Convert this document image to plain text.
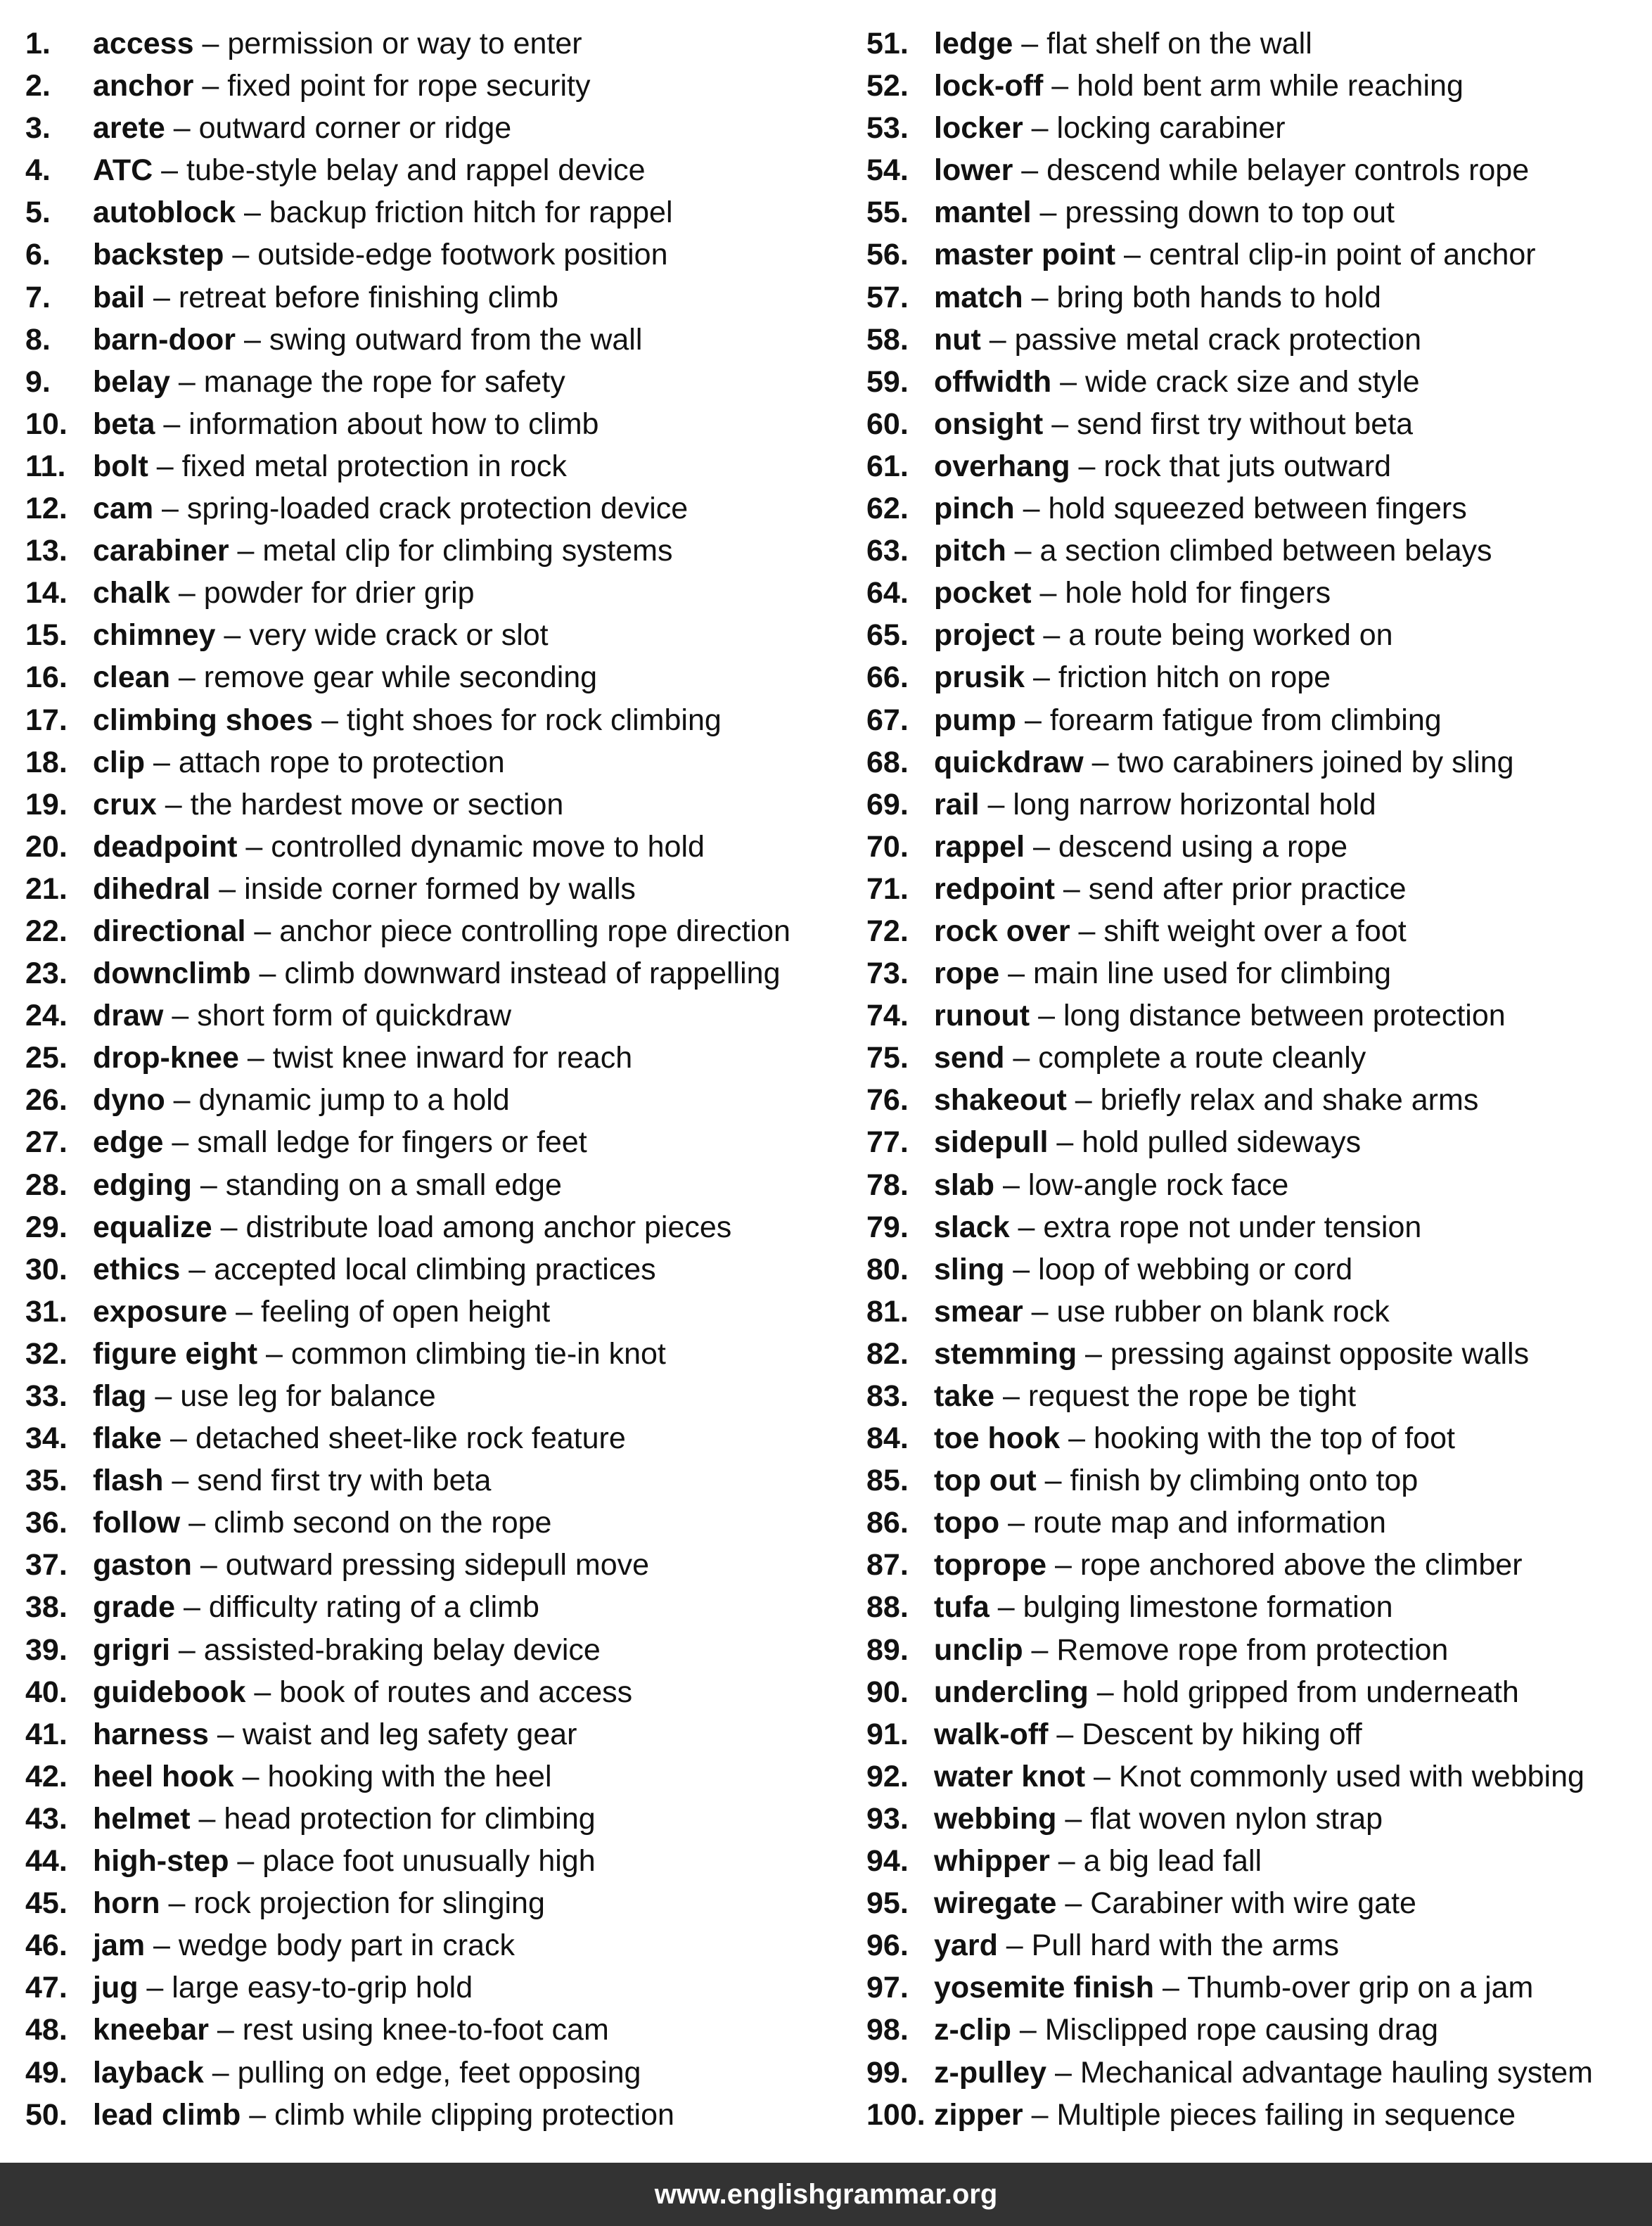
1. access – permission or way to enter
2. anchor – fixed point for rope security
3. arete – outward corner or ridge
4. ATC – tube-style belay and rappel device
5. autoblock – backup friction hitch for rappel
6. backstep – outside-edge footwork position
7. bail – retreat before finishing climb
8. barn-door – swing outward from the wall
9. belay – manage the rope for safety
10. beta – information about how to climb
11. bolt – fixed metal protection in rock
12. cam – spring-loaded crack protection device
13. carabiner – metal clip for climbing systems
14. chalk – powder for drier grip
15. chimney – very wide crack or slot
16. clean – remove gear while seconding
17. climbing shoes – tight shoes for rock climbing
18. clip – attach rope to protection
19. crux – the hardest move or section
20. deadpoint – controlled dynamic move to hold
21. dihedral – inside corner formed by walls
22. directional – anchor piece controlling rope direction
23. downclimb – climb downward instead of rappelling
24. draw – short form of quickdraw
25. drop-knee – twist knee inward for reach
26. dyno – dynamic jump to a hold
27. edge – small ledge for fingers or feet
28. edging – standing on a small edge
29. equalize – distribute load among anchor pieces
30. ethics – accepted local climbing practices
31. exposure – feeling of open height
32. figure eight – common climbing tie-in knot
33. flag – use leg for balance
34. flake – detached sheet-like rock feature
35. flash – send first try with beta
36. follow – climb second on the rope
37. gaston – outward pressing sidepull move
38. grade – difficulty rating of a climb
39. grigri – assisted-braking belay device
40. guidebook – book of routes and access
41. harness – waist and leg safety gear
42. heel hook – hooking with the heel
43. helmet – head protection for climbing
44. high-step – place foot unusually high
45. horn – rock projection for slinging
46. jam – wedge body part in crack
47. jug – large easy-to-grip hold
48. kneebar – rest using knee-to-foot cam
49. layback – pulling on edge, feet opposing
50. lead climb – climb while clipping protection
51. ledge – flat shelf on the wall
52. lock-off – hold bent arm while reaching
53. locker – locking carabiner
54. lower – descend while belayer controls rope
55. mantel – pressing down to top out
56. master point – central clip-in point of anchor
57. match – bring both hands to hold
58. nut – passive metal crack protection
59. offwidth – wide crack size and style
60. onsight – send first try without beta
61. overhang – rock that juts outward
62. pinch – hold squeezed between fingers
63. pitch – a section climbed between belays
64. pocket – hole hold for fingers
65. project – a route being worked on
66. prusik – friction hitch on rope
67. pump – forearm fatigue from climbing
68. quickdraw – two carabiners joined by sling
69. rail – long narrow horizontal hold
70. rappel – descend using a rope
71. redpoint – send after prior practice
72. rock over – shift weight over a foot
73. rope – main line used for climbing
74. runout – long distance between protection
75. send – complete a route cleanly
76. shakeout – briefly relax and shake arms
77. sidepull – hold pulled sideways
78. slab – low-angle rock face
79. slack – extra rope not under tension
80. sling – loop of webbing or cord
81. smear – use rubber on blank rock
82. stemming – pressing against opposite walls
83. take – request the rope be tight
84. toe hook – hooking with the top of foot
85. top out – finish by climbing onto top
86. topo – route map and information
87. toprope – rope anchored above the climber
88. tufa – bulging limestone formation
89. unclip – Remove rope from protection
90. undercling – hold gripped from underneath
91. walk-off – Descent by hiking off
92. water knot – Knot commonly used with webbing
93. webbing – flat woven nylon strap
94. whipper – a big lead fall
95. wiregate – Carabiner with wire gate
96. yard – Pull hard with the arms
97. yosemite finish – Thumb-over grip on a jam
98. z-clip – Misclipped rope causing drag
99. z-pulley – Mechanical advantage hauling system
100. zipper – Multiple pieces failing in sequence
www.englishgrammar.org
